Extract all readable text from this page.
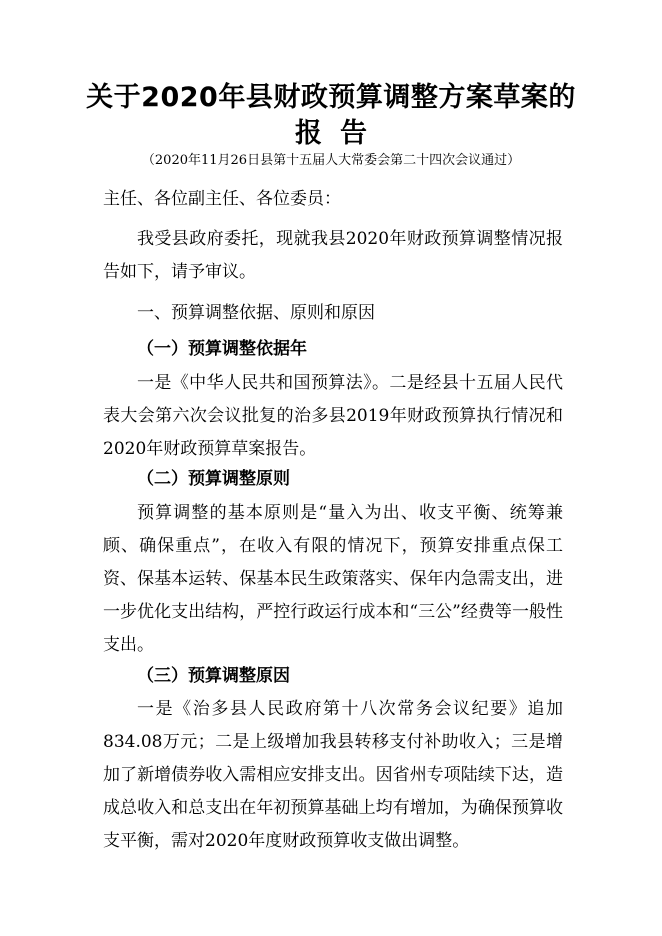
关于2020年县财政预算调整方案草案的
报告
（2020年11月26日县第十五届人大常委会第二十四次会议通过）
主任、各位副主任、各位委员：
我受县政府委托，现就我县2020年财政预算调整情况报告如下，请予审议。
一、预算调整依据、原则和原因
（一）预算调整依据年
一是《中华人民共和国预算法》。二是经县十五届人民代表大会第六次会议批复的治多县2019年财政预算执行情况和2020年财政预算草案报告。
（二）预算调整原则
预算调整的基本原则是“量入为出、收支平衡、统筹兼顾、确保重点”，在收入有限的情况下，预算安排重点保工资、保基本运转、保基本民生政策落实、保年内急需支出，进一步优化支出结构，严控行政运行成本和“三公”经费等一般性支出。
（三）预算调整原因
一是《治多县人民政府第十八次常务会议纪要》追加834.08万元；二是上级增加我县转移支付补助收入；三是增加了新增债券收入需相应安排支出。因省州专项陆续下达，造成总收入和总支出在年初预算基础上均有增加，为确保预算收支平衡，需对2020年度财政预算收支做出调整。
